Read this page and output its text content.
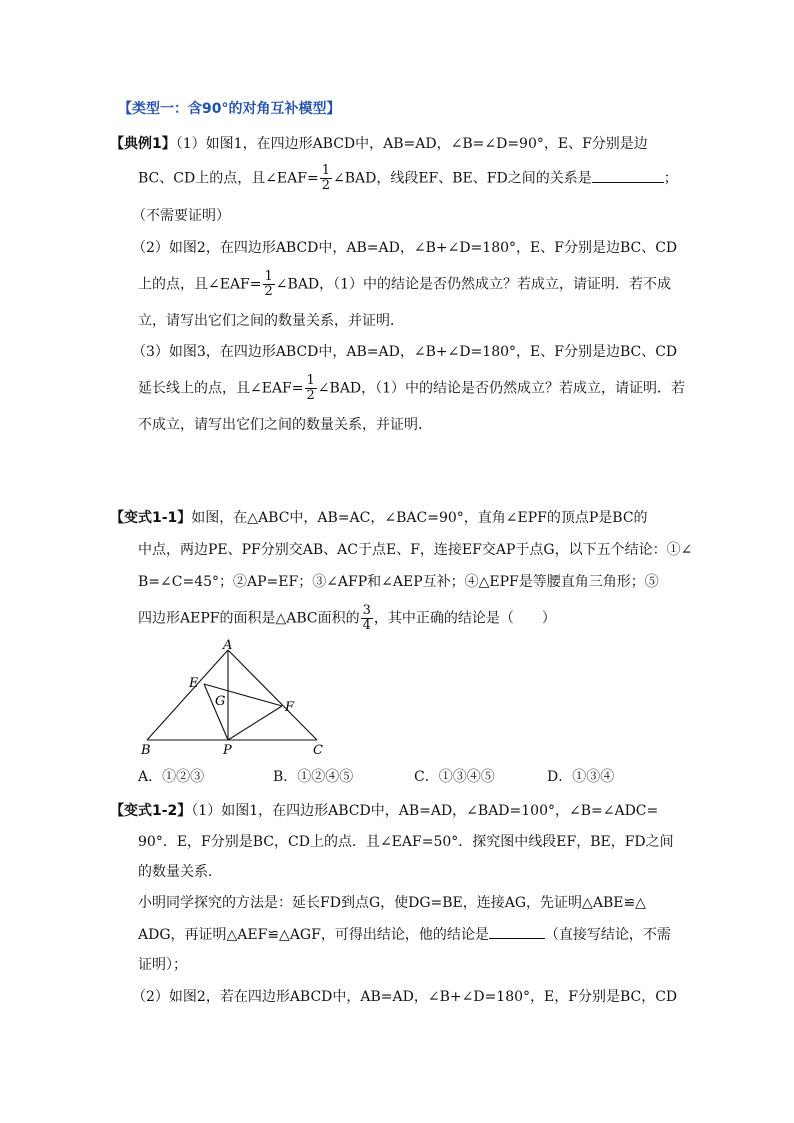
【类型一：含90°的对角互补模型】
【典例1】（1）如图1，在四边形ABCD中，AB=AD，∠B=∠D=90°，E、F分别是边
BC、CD上的点，且∠EAF= $\frac{1}{2}$ ∠BAD，线段EF、BE、FD之间的关系是	；
（不需要证明）
（2）如图2，在四边形ABCD中，AB=AD，∠B+∠D=180°，E、F分别是边BC、CD
上的点，且∠EAF= $\frac{1}{2}$ ∠BAD，（1）中的结论是否仍然成立？若成立，请证明．若不成
立，请写出它们之间的数量关系，并证明．
（3）如图3，在四边形ABCD中，AB=AD，∠B+∠D=180°，E、F分别是边BC、CD
延长线上的点，且∠EAF= $\frac{1}{2}$ ∠BAD，（1）中的结论是否仍然成立？若成立，请证明．若
不成立，请写出它们之间的数量关系，并证明．
【变式1-1】如图，在△ABC中，AB=AC，∠BAC=90°，直角∠EPF的顶点P是BC的
中点，两边PE、PF分别交AB、AC于点E、F，连接EF交AP于点G，以下五个结论：①∠
B=∠C=45°；②AP=EF；③∠AFP和∠AEP互补；④△EPF是等腰直角三角形；⑤
四边形AEPF的面积是△ABC面积的 $\frac{3}{4}$ ，其中正确的结论是（　　）
A
E
G	F
B	P	C
A．①②③	B．①②④⑤	C．①③④⑤	D．①③④
【变式1-2】（1）如图1，在四边形ABCD中，AB=AD，∠BAD=100°，∠B=∠ADC=
90°．E，F分别是BC，CD上的点．且∠EAF=50°．探究图中线段EF，BE，FD之间
的数量关系．
小明同学探究的方法是：延长FD到点G，使DG=BE，连接AG，先证明△ABE≌△
ADG，再证明△AEF≌△AGF，可得出结论，他的结论是	（直接写结论，不需
证明）；
（2）如图2，若在四边形ABCD中，AB=AD，∠B+∠D=180°，E，F分别是BC，CD
